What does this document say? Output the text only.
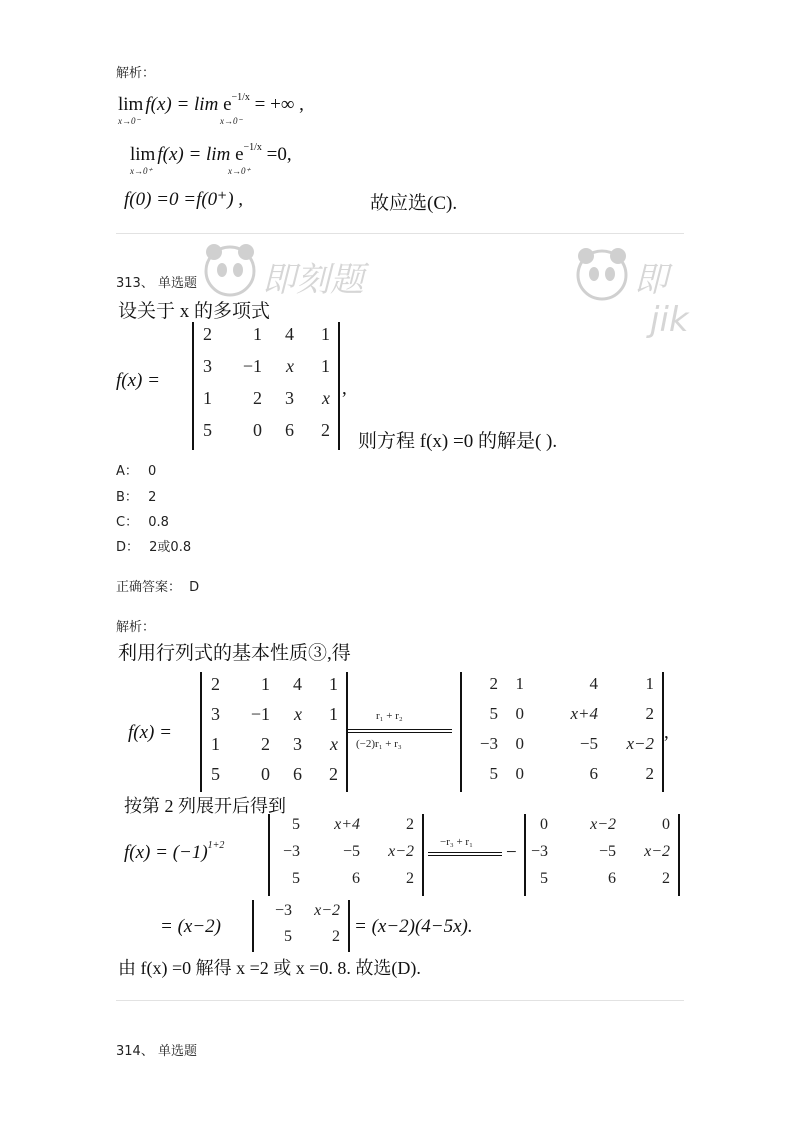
解析：
$\lim f(x) = \lim e^{-1/x}$ = +∞ ,
x→0⁻	x→0⁻
$\lim f(x) = \lim e^{-1/x} =0$,
x→0⁺	x→0⁺
f(0) =0 =f(0⁺) ,	故应选(C).
即刻题	即
jik
313、 单选题
设关于 x 的多项式
f(x) =
2 1 4 1
3 −1 x 1
1 2 3 x
5 0 6 2
,
则方程 f(x) =0 的解是( ).
A： 0
B： 2
C： 0.8
D： 2或0.8
正确答案： D
解析：
利用行列式的基本性质③,得
f(x) =
2 1 4 1
3 −1 x 1
1 2 3 x
5 0 6 2
r₁ + r₂
(−2)r₁ + r₃
2 1	4	1
5 0	x+4	2
−3 0	−5 x−2
5 0	6	2
,
按第 2 列展开后得到
$f(x) = (-1)^{1+2}$
5 x+4	2
−3	−5 x−2
5	6	2
−r₃ + r₁ −
0	x−2	0
−3	−5 x−2
5	6	2
= (x−2)
−3 x−2
5	2 = (x−2)(4−5x).
由 f(x) =0 解得 x =2 或 x =0. 8. 故选(D).
314、 单选题
